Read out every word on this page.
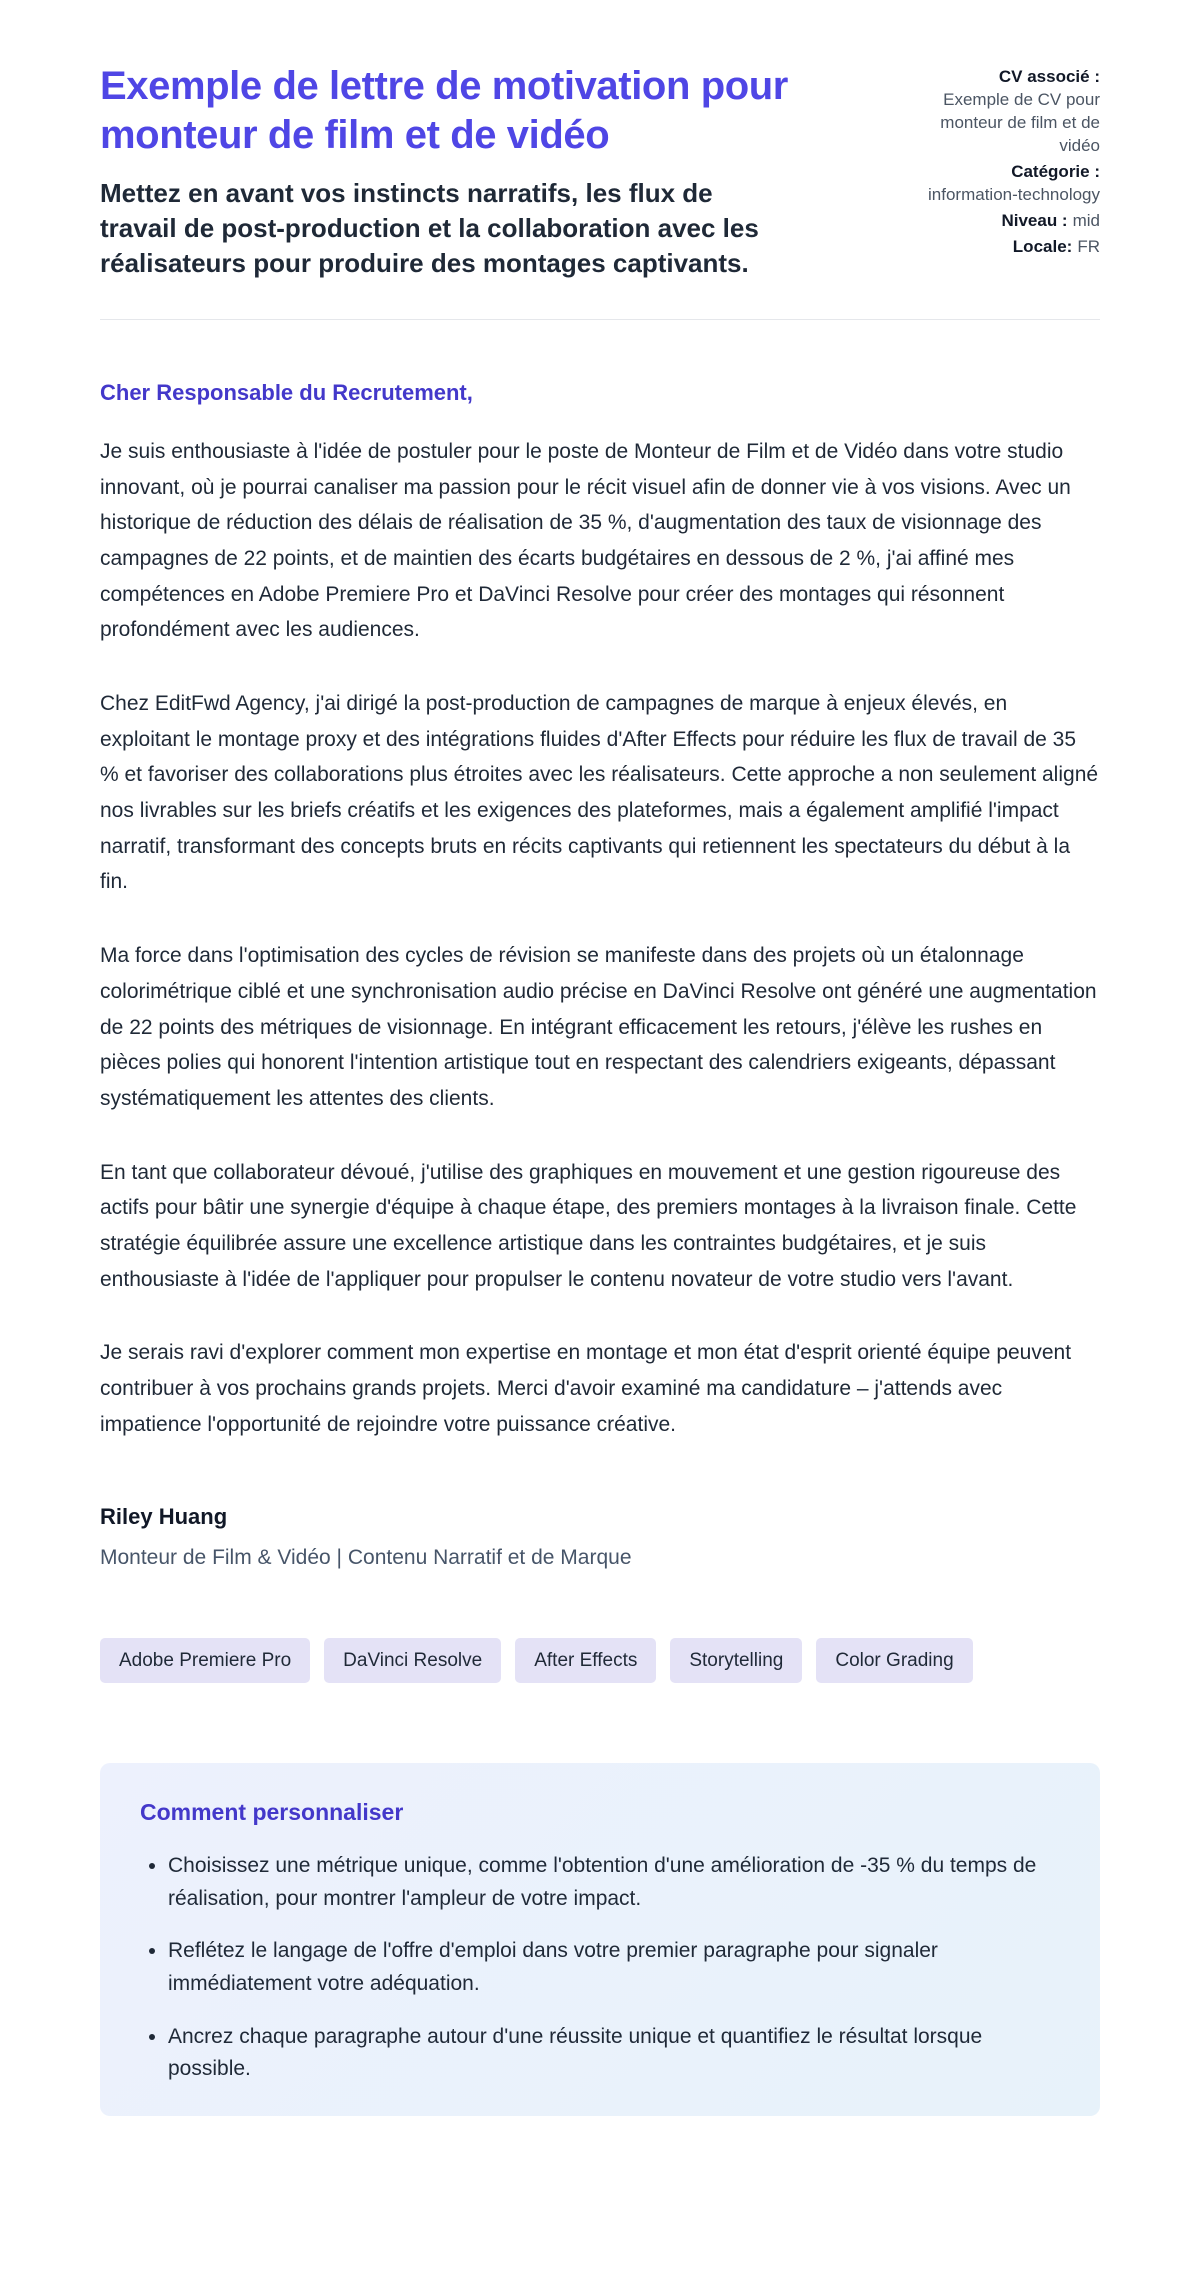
Exemple de lettre de motivation pour monteur de film et de vidéo

Mettez en avant vos instincts narratifs, les flux de travail de post-production et la collaboration avec les réalisateurs pour produire des montages captivants.

CV associé :
Exemple de CV pour monteur de film et de vidéo
Catégorie :
information-technology
Niveau : mid
Locale: FR
Cher Responsable du Recrutement,

Je suis enthousiaste à l'idée de postuler pour le poste de Monteur de Film et de Vidéo dans votre studio innovant, où je pourrai canaliser ma passion pour le récit visuel afin de donner vie à vos visions. Avec un historique de réduction des délais de réalisation de 35 %, d'augmentation des taux de visionnage des campagnes de 22 points, et de maintien des écarts budgétaires en dessous de 2 %, j'ai affiné mes compétences en Adobe Premiere Pro et DaVinci Resolve pour créer des montages qui résonnent profondément avec les audiences.

Chez EditFwd Agency, j'ai dirigé la post-production de campagnes de marque à enjeux élevés, en exploitant le montage proxy et des intégrations fluides d'After Effects pour réduire les flux de travail de 35 % et favoriser des collaborations plus étroites avec les réalisateurs. Cette approche a non seulement aligné nos livrables sur les briefs créatifs et les exigences des plateformes, mais a également amplifié l'impact narratif, transformant des concepts bruts en récits captivants qui retiennent les spectateurs du début à la fin.

Ma force dans l'optimisation des cycles de révision se manifeste dans des projets où un étalonnage colorimétrique ciblé et une synchronisation audio précise en DaVinci Resolve ont généré une augmentation de 22 points des métriques de visionnage. En intégrant efficacement les retours, j'élève les rushes en pièces polies qui honorent l'intention artistique tout en respectant des calendriers exigeants, dépassant systématiquement les attentes des clients.

En tant que collaborateur dévoué, j'utilise des graphiques en mouvement et une gestion rigoureuse des actifs pour bâtir une synergie d'équipe à chaque étape, des premiers montages à la livraison finale. Cette stratégie équilibrée assure une excellence artistique dans les contraintes budgétaires, et je suis enthousiaste à l'idée de l'appliquer pour propulser le contenu novateur de votre studio vers l'avant.

Je serais ravi d'explorer comment mon expertise en montage et mon état d'esprit orienté équipe peuvent contribuer à vos prochains grands projets. Merci d'avoir examiné ma candidature – j'attends avec impatience l'opportunité de rejoindre votre puissance créative.

Riley Huang

Monteur de Film & Vidéo | Contenu Narratif et de Marque

Adobe Premiere Pro	DaVinci Resolve	After Effects	Storytelling	Color Grading
Comment personnaliser
• Choisissez une métrique unique, comme l'obtention d'une amélioration de -35 % du temps de réalisation, pour montrer l'ampleur de votre impact.
• Reflétez le langage de l'offre d'emploi dans votre premier paragraphe pour signaler immédiatement votre adéquation.
• Ancrez chaque paragraphe autour d'une réussite unique et quantifiez le résultat lorsque possible.
